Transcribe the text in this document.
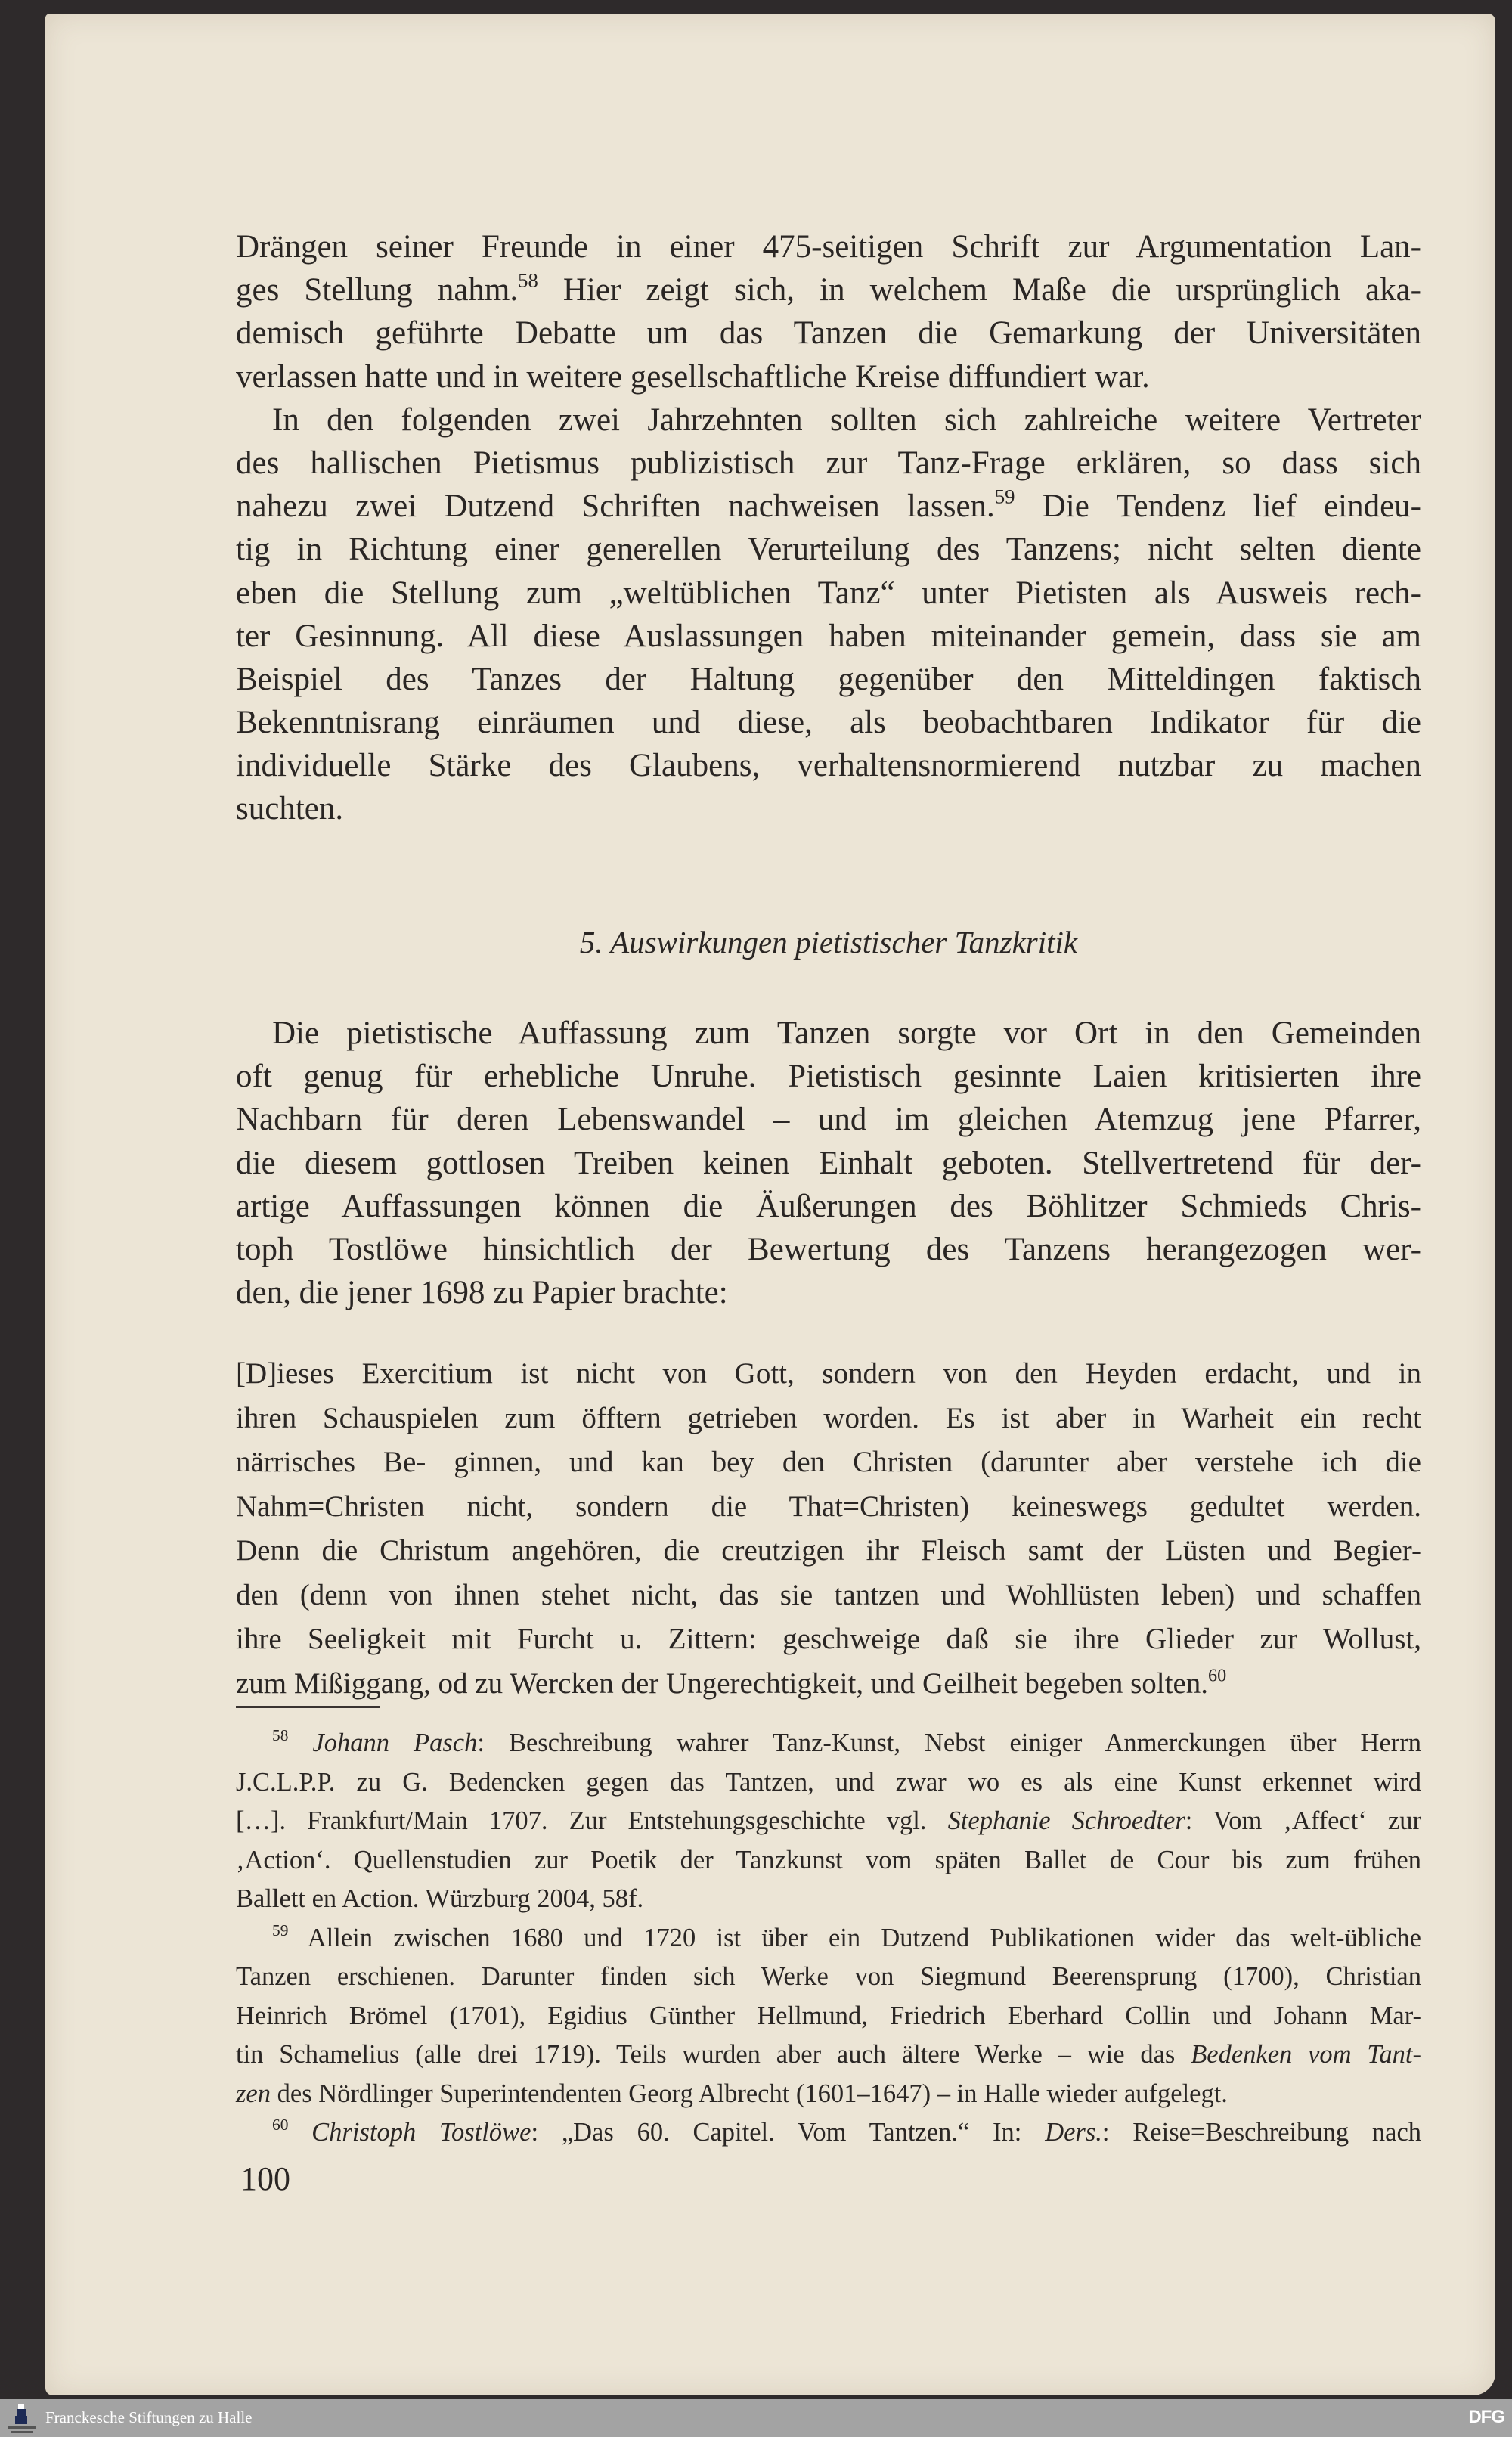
Drängen seiner Freunde in einer 475-seitigen Schrift zur Argumentation Lan-
ges Stellung nahm.$^{58}$ Hier zeigt sich, in welchem Maße die ursprünglich aka-
demisch geführte Debatte um das Tanzen die Gemarkung der Universitäten
verlassen hatte und in weitere gesellschaftliche Kreise diffundiert war.
In den folgenden zwei Jahrzehnten sollten sich zahlreiche weitere Vertreter
des hallischen Pietismus publizistisch zur Tanz-Frage erklären, so dass sich
nahezu zwei Dutzend Schriften nachweisen lassen.$^{59}$ Die Tendenz lief eindeu-
tig in Richtung einer generellen Verurteilung des Tanzens; nicht selten diente
eben die Stellung zum „weltüblichen Tanz“ unter Pietisten als Ausweis rech-
ter Gesinnung. All diese Auslassungen haben miteinander gemein, dass sie am
Beispiel des Tanzes der Haltung gegenüber den Mitteldingen faktisch
Bekenntnisrang einräumen und diese, als beobachtbaren Indikator für die
individuelle Stärke des Glaubens, verhaltensnormierend nutzbar zu machen
suchten.
5. Auswirkungen pietistischer Tanzkritik
Die pietistische Auffassung zum Tanzen sorgte vor Ort in den Gemeinden
oft genug für erhebliche Unruhe. Pietistisch gesinnte Laien kritisierten ihre
Nachbarn für deren Lebenswandel – und im gleichen Atemzug jene Pfarrer,
die diesem gottlosen Treiben keinen Einhalt geboten. Stellvertretend für der-
artige Auffassungen können die Äußerungen des Böhlitzer Schmieds Chris-
toph Tostlöwe hinsichtlich der Bewertung des Tanzens herangezogen wer-
den, die jener 1698 zu Papier brachte:
[D]ieses Exercitium ist nicht von Gott, sondern von den Heyden erdacht, und in
ihren Schauspielen zum öfftern getrieben worden. Es ist aber in Warheit ein recht
närrisches Be- ginnen, und kan bey den Christen (darunter aber verstehe ich die
Nahm=Christen nicht, sondern die That=Christen) keineswegs gedultet werden.
Denn die Christum angehören, die creutzigen ihr Fleisch samt der Lüsten und Begier-
den (denn von ihnen stehet nicht, das sie tantzen und Wohllüsten leben) und schaffen
ihre Seeligkeit mit Furcht u. Zittern: geschweige daß sie ihre Glieder zur Wollust,
zum Mißiggang, od zu Wercken der Ungerechtigkeit, und Geilheit begeben solten.$^{60}$
$^{58}$ Johann Pasch: Beschreibung wahrer Tanz-Kunst, Nebst einiger Anmerckungen über Herrn
J.C.L.P.P. zu G. Bedencken gegen das Tantzen, und zwar wo es als eine Kunst erkennet wird
[…]. Frankfurt/Main 1707. Zur Entstehungsgeschichte vgl. Stephanie Schroedter: Vom ‚Affect‘ zur
‚Action‘. Quellenstudien zur Poetik der Tanzkunst vom späten Ballet de Cour bis zum frühen
Ballett en Action. Würzburg 2004, 58f.
$^{59}$ Allein zwischen 1680 und 1720 ist über ein Dutzend Publikationen wider das welt-übliche
Tanzen erschienen. Darunter finden sich Werke von Siegmund Beerensprung (1700), Christian
Heinrich Brömel (1701), Egidius Günther Hellmund, Friedrich Eberhard Collin und Johann Mar-
tin Schamelius (alle drei 1719). Teils wurden aber auch ältere Werke – wie das Bedenken vom Tant-
zen des Nördlinger Superintendenten Georg Albrecht (1601–1647) – in Halle wieder aufgelegt.
$^{60}$ Christoph Tostlöwe: „Das 60. Capitel. Vom Tantzen.“ In: Ders.: Reise=Beschreibung nach
100
Franckesche Stiftungen zu Halle	DFG
